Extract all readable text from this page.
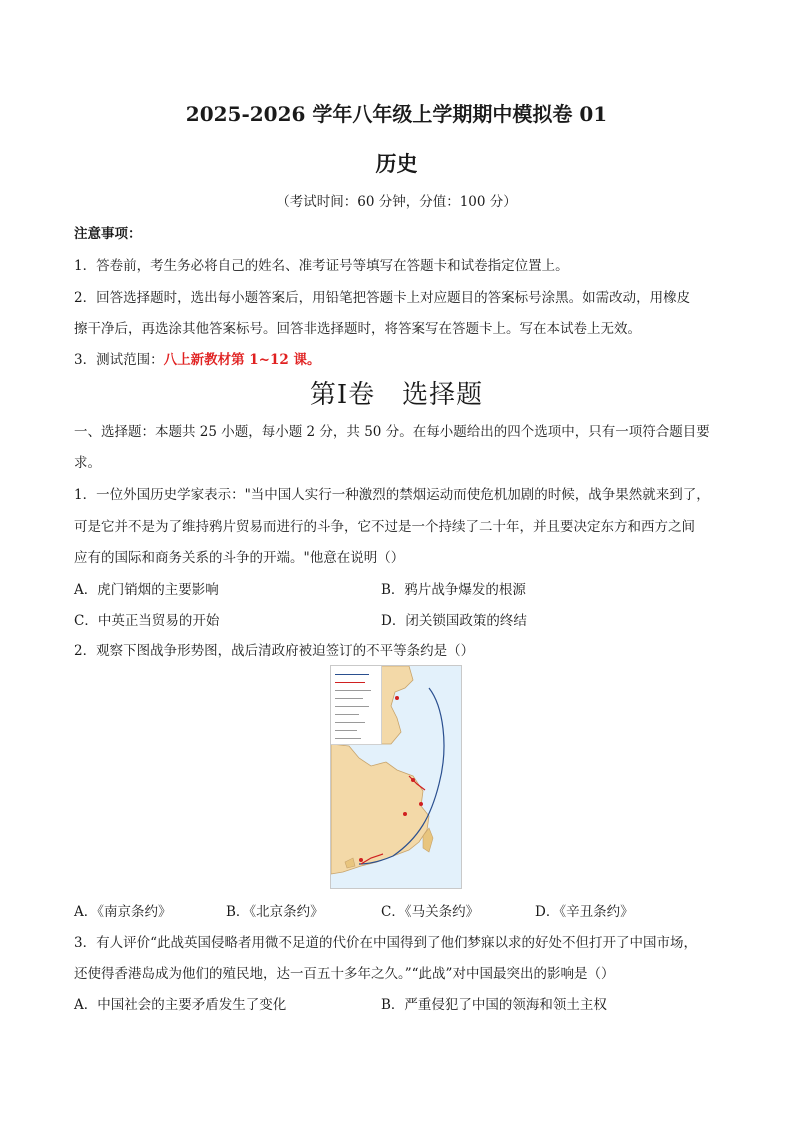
2025-2026 学年八年级上学期期中模拟卷 01
历史
（考试时间：60 分钟，分值：100 分）
注意事项：
1．答卷前，考生务必将自己的姓名、准考证号等填写在答题卡和试卷指定位置上。
2．回答选择题时，选出每小题答案后，用铅笔把答题卡上对应题目的答案标号涂黑。如需改动，用橡皮
擦干净后，再选涂其他答案标号。回答非选择题时，将答案写在答题卡上。写在本试卷上无效。
3．测试范围：八上新教材第 1~12 课。
第Ⅰ卷　选择题
一、选择题：本题共 25 小题，每小题 2 分，共 50 分。在每小题给出的四个选项中，只有一项符合题目要
求。
1．一位外国历史学家表示："当中国人实行一种激烈的禁烟运动而使危机加剧的时候，战争果然就来到了，
可是它并不是为了维持鸦片贸易而进行的斗争，它不过是一个持续了二十年，并且要决定东方和西方之间
应有的国际和商务关系的斗争的开端。"他意在说明（）
A．虎门销烟的主要影响	B．鸦片战争爆发的根源
C．中英正当贸易的开始	D．闭关锁国政策的终结
2．观察下图战争形势图，战后清政府被迫签订的不平等条约是（）
A．《南京条约》	B．《北京条约》	C．《马关条约》	D．《辛丑条约》
3．有人评价“此战英国侵略者用微不足道的代价在中国得到了他们梦寐以求的好处不但打开了中国市场，
还使得香港岛成为他们的殖民地，达一百五十多年之久。”“此战”对中国最突出的影响是（）
A．中国社会的主要矛盾发生了变化	B．严重侵犯了中国的领海和领土主权
